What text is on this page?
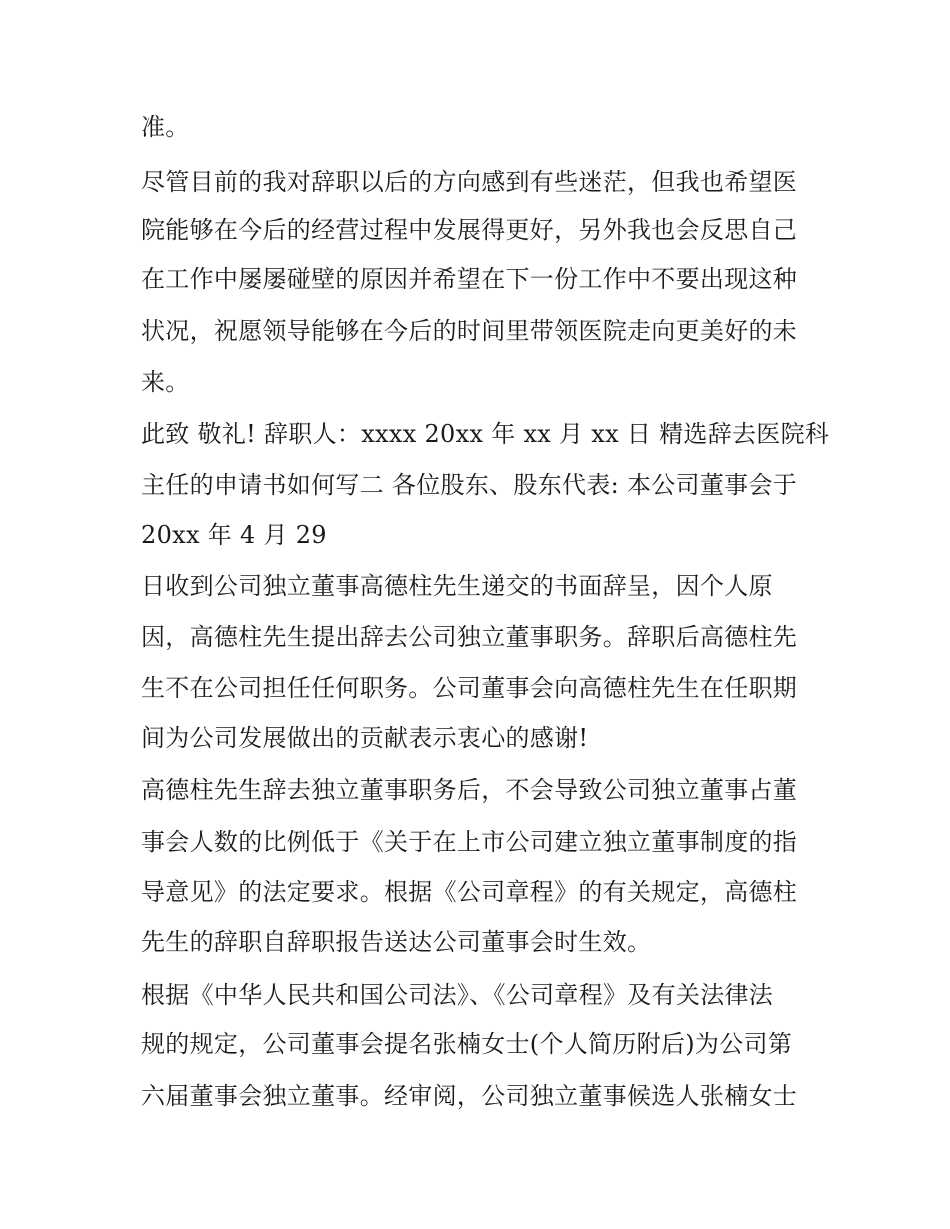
准。
尽管目前的我对辞职以后的方向感到有些迷茫，但我也希望医
院能够在今后的经营过程中发展得更好，另外我也会反思自己
在工作中屡屡碰壁的原因并希望在下一份工作中不要出现这种
状况，祝愿领导能够在今后的时间里带领医院走向更美好的未
来。
此致 敬礼! 辞职人：xxxx 20xx 年 xx 月 xx 日 精选辞去医院科
主任的申请书如何写二 各位股东、股东代表: 本公司董事会于
20xx 年 4 月 29
日收到公司独立董事高德柱先生递交的书面辞呈，因个人原
因，高德柱先生提出辞去公司独立董事职务。辞职后高德柱先
生不在公司担任任何职务。公司董事会向高德柱先生在任职期
间为公司发展做出的贡献表示衷心的感谢!
高德柱先生辞去独立董事职务后，不会导致公司独立董事占董
事会人数的比例低于《关于在上市公司建立独立董事制度的指
导意见》的法定要求。根据《公司章程》的有关规定，高德柱
先生的辞职自辞职报告送达公司董事会时生效。
根据《中华人民共和国公司法》、《公司章程》及有关法律法
规的规定，公司董事会提名张楠女士(个人简历附后)为公司第
六届董事会独立董事。经审阅，公司独立董事候选人张楠女士
